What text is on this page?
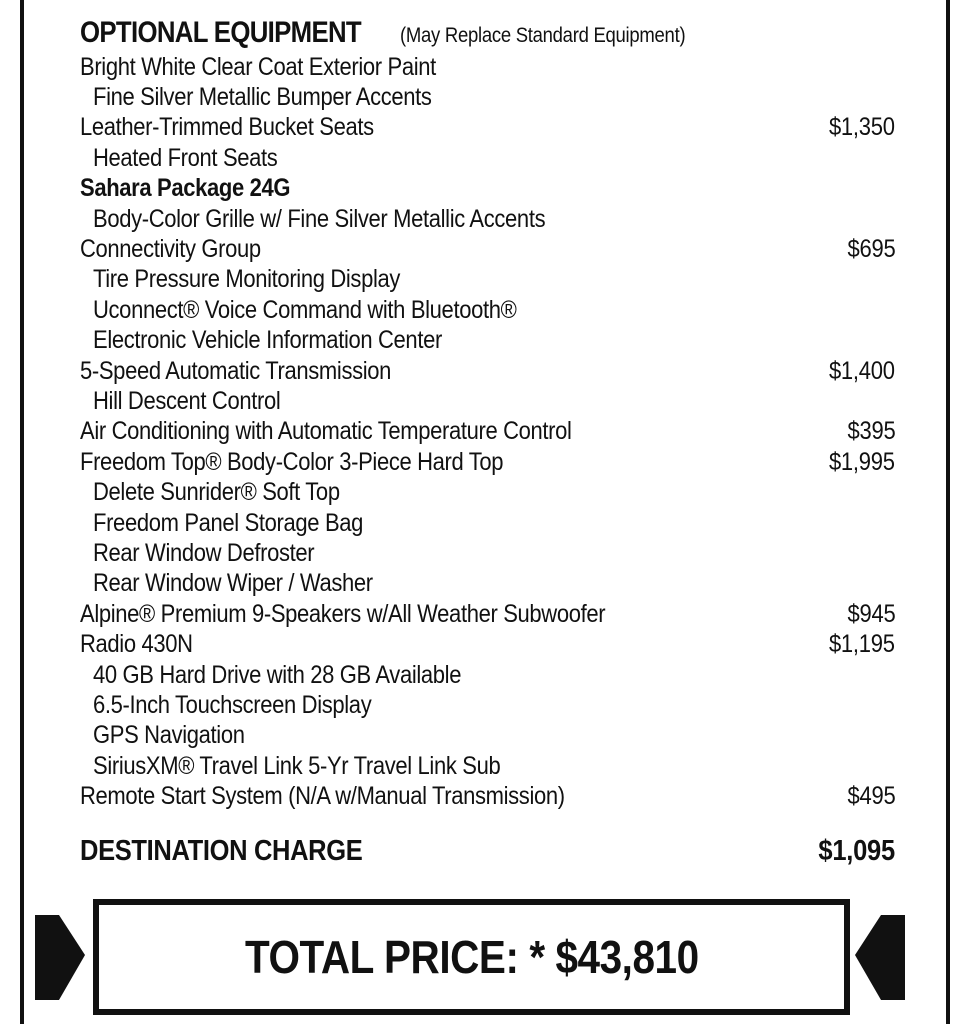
OPTIONAL EQUIPMENT (May Replace Standard Equipment)
Bright White Clear Coat Exterior Paint
Fine Silver Metallic Bumper Accents
Leather-Trimmed Bucket Seats	$1,350
Heated Front Seats
Sahara Package 24G
Body-Color Grille w/ Fine Silver Metallic Accents
Connectivity Group	$695
Tire Pressure Monitoring Display
Uconnect® Voice Command with Bluetooth®
Electronic Vehicle Information Center
5-Speed Automatic Transmission	$1,400
Hill Descent Control
Air Conditioning with Automatic Temperature Control	$395
Freedom Top® Body-Color 3-Piece Hard Top	$1,995
Delete Sunrider® Soft Top
Freedom Panel Storage Bag
Rear Window Defroster
Rear Window Wiper / Washer
Alpine® Premium 9-Speakers w/All Weather Subwoofer	$945
Radio 430N	$1,195
40 GB Hard Drive with 28 GB Available
6.5-Inch Touchscreen Display
GPS Navigation
SiriusXM® Travel Link 5-Yr Travel Link Sub
Remote Start System (N/A w/Manual Transmission)	$495
DESTINATION CHARGE	$1,095
TOTAL PRICE: * $43,810
